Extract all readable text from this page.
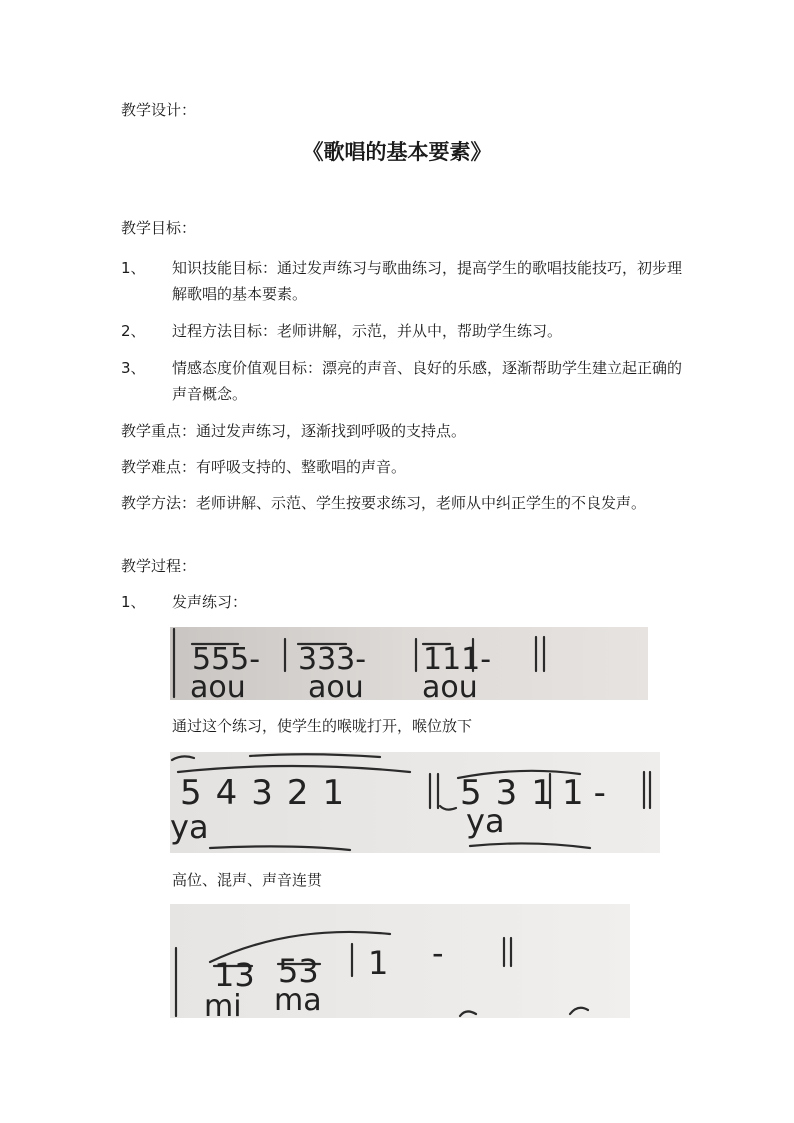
教学设计：
《歌唱的基本要素》
教学目标：
1、 知识技能目标：通过发声练习与歌曲练习，提高学生的歌唱技能技巧，初步理解歌唱的基本要素。
2、 过程方法目标：老师讲解，示范，并从中，帮助学生练习。
3、 情感态度价值观目标：漂亮的声音、良好的乐感，逐渐帮助学生建立起正确的声音概念。
教学重点：通过发声练习，逐渐找到呼吸的支持点。
教学难点：有呼吸支持的、整歌唱的声音。
教学方法：老师讲解、示范、学生按要求练习，老师从中纠正学生的不良发声。
教学过程：
1、 发声练习：
555- 333- 111-
aou aou aou
通过这个练习，使学生的喉咙打开，喉位放下
54321	531
1-
ya	ya
高位、混声、声音连贯
13 53 1 -
mi ma
